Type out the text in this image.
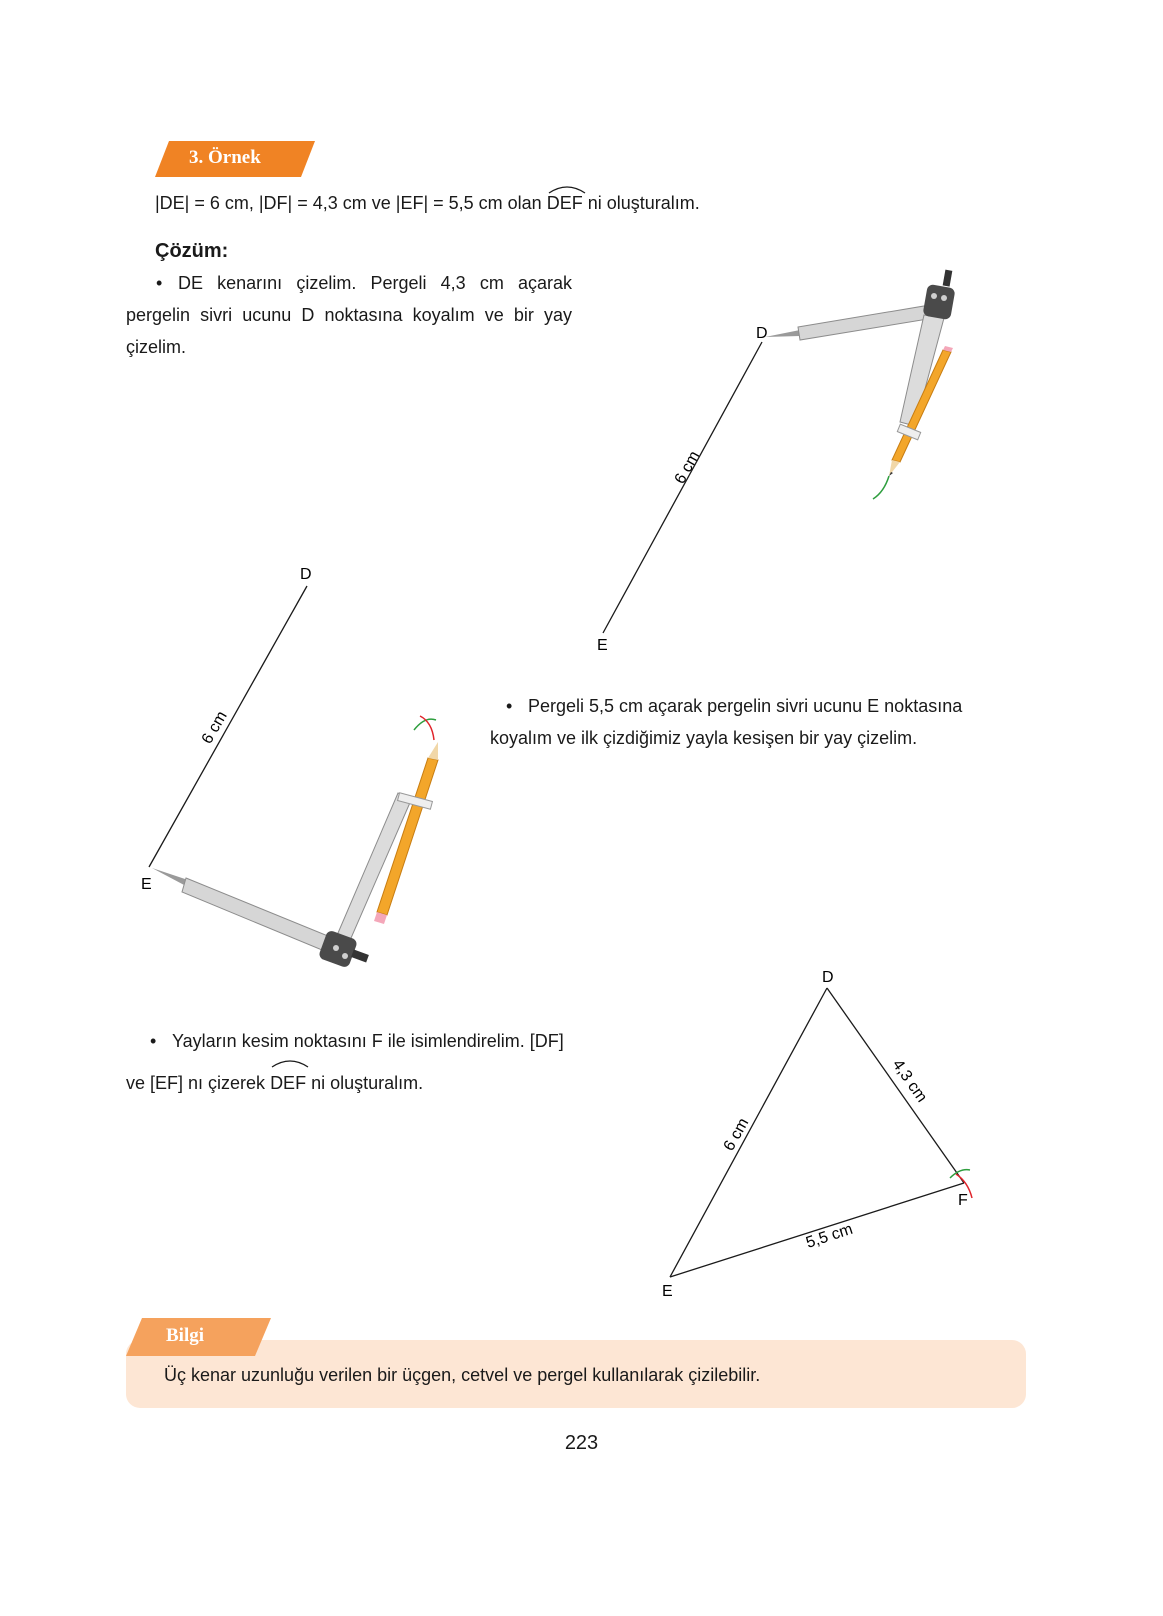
3. Örnek
|DE| = 6 cm, |DF| = 4,3 cm ve |EF| = 5,5 cm olan DEF ni oluşturalım.
Çözüm:
• DE kenarını çizelim. Pergeli 4,3 cm açarak
pergelin sivri ucunu D noktasına koyalım ve bir yay
çizelim.
D
E
6 cm
D
E
6 cm
• Pergeli 5,5 cm açarak pergelin sivri ucunu E noktasına
koyalım ve ilk çizdiğimiz yayla kesişen bir yay çizelim.
• Yayların kesim noktasını F ile isimlendirelim. [DF]
ve [EF] nı çizerek DEF ni oluşturalım.
D
E
F
6 cm
4,3 cm
5,5 cm
Bilgi
Üç kenar uzunluğu verilen bir üçgen, cetvel ve pergel kullanılarak çizilebilir.
223
